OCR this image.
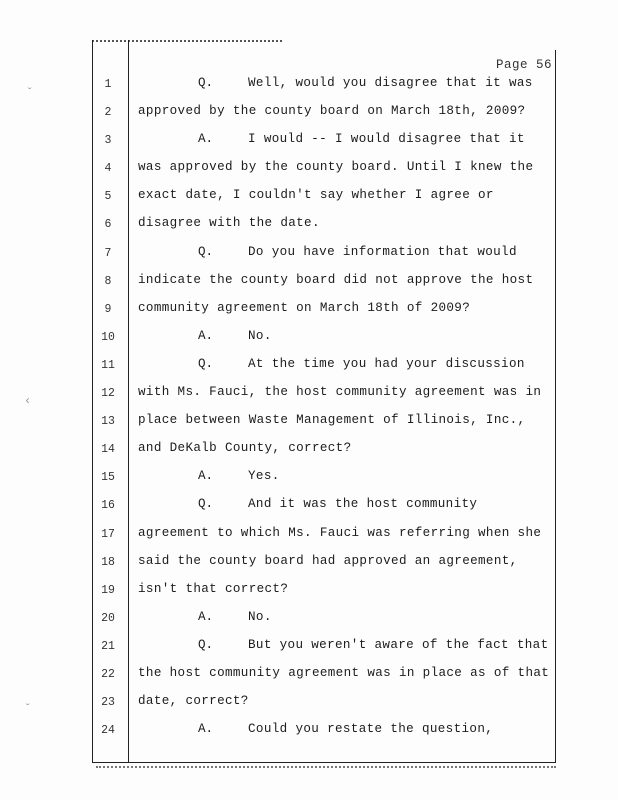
ˇ
‹
ˇ
Page 56
1	Q.	Well, would you disagree that it was
2	approved by the county board on March 18th, 2009?
3	A.	I would -- I would disagree that it
4	was approved by the county board. Until I knew the
5	exact date, I couldn't say whether I agree or
6	disagree with the date.
7	Q.	Do you have information that would
8	indicate the county board did not approve the host
9	community agreement on March 18th of 2009?
10	A.	No.
11	Q.	At the time you had your discussion
12	with Ms. Fauci, the host community agreement was in
13	place between Waste Management of Illinois, Inc.,
14	and DeKalb County, correct?
15	A.	Yes.
16	Q.	And it was the host community
17	agreement to which Ms. Fauci was referring when she
18	said the county board had approved an agreement,
19	isn't that correct?
20	A.	No.
21	Q.	But you weren't aware of the fact that
22	the host community agreement was in place as of that
23	date, correct?
24	A.	Could you restate the question,
